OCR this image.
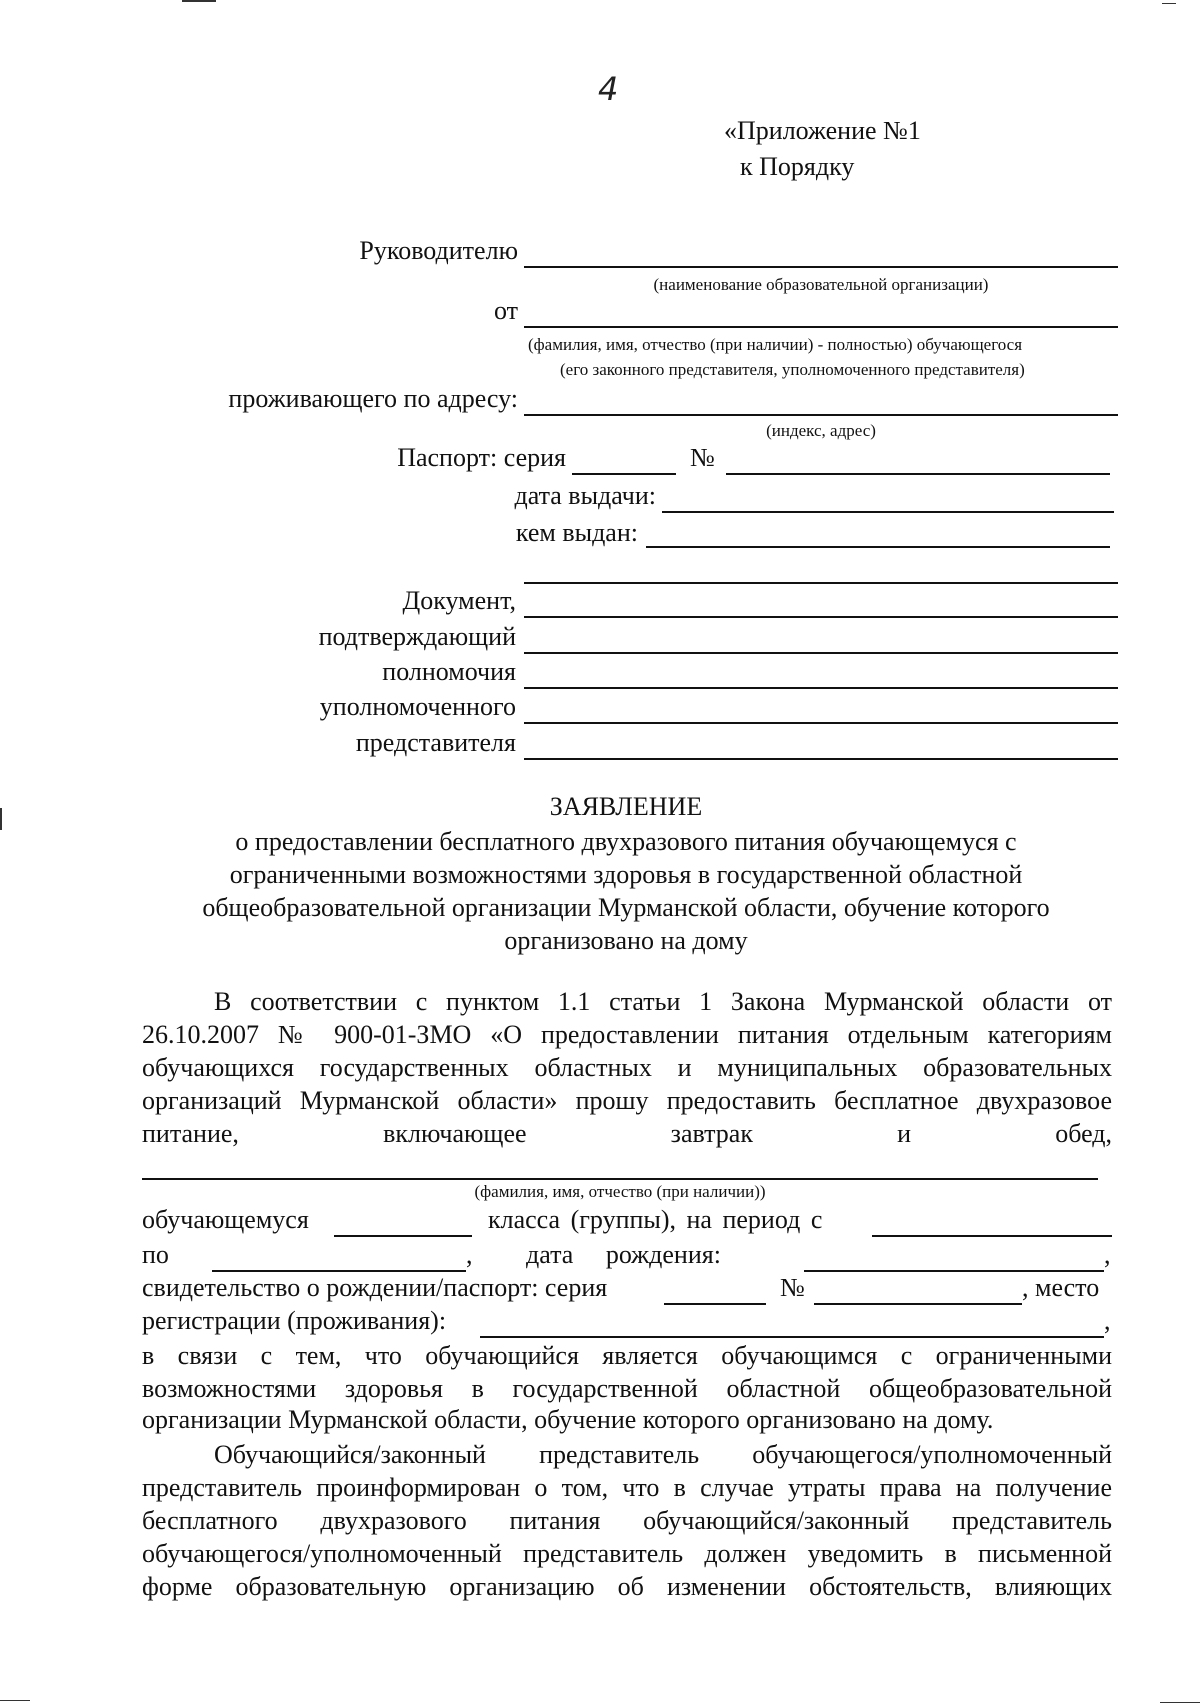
4
«Приложение №1
к Порядку
Руководителю
(наименование образовательной организации)
от
(фамилия, имя, отчество (при наличии) - полностью) обучающегося
(его законного представителя, уполномоченного представителя)
проживающего по адресу:
(индекс, адрес)
Паспорт: серия	№
дата выдачи:
кем выдан:
Документ,
подтверждающий
полномочия
уполномоченного
представителя
ЗАЯВЛЕНИЕ
о предоставлении бесплатного двухразового питания обучающемуся с
ограниченными возможностями здоровья в государственной областной
общеобразовательной организации Мурманской области, обучение которого
организовано на дому
В соответствии с пунктом 1.1 статьи 1 Закона Мурманской области от
26.10.2007 № 900-01-ЗМО «О предоставлении питания отдельным категориям
обучающихся государственных областных и муниципальных образовательных
организаций Мурманской области» прошу предоставить бесплатное двухразовое
питание, включающее завтрак и обед,
(фамилия, имя, отчество (при наличии))
обучающемуся	класса (группы), на период с
по	, дата рождения:	,
свидетельство о рождении/паспорт: серия	№	, место
регистрации (проживания):	,
в связи с тем, что обучающийся является обучающимся с ограниченными
возможностями здоровья в государственной областной общеобразовательной
организации Мурманской области, обучение которого организовано на дому.
Обучающийся/законный представитель обучающегося/уполномоченный
представитель проинформирован о том, что в случае утраты права на получение
бесплатного двухразового питания обучающийся/законный представитель
обучающегося/уполномоченный представитель должен уведомить в письменной
форме образовательную организацию об изменении обстоятельств, влияющих
